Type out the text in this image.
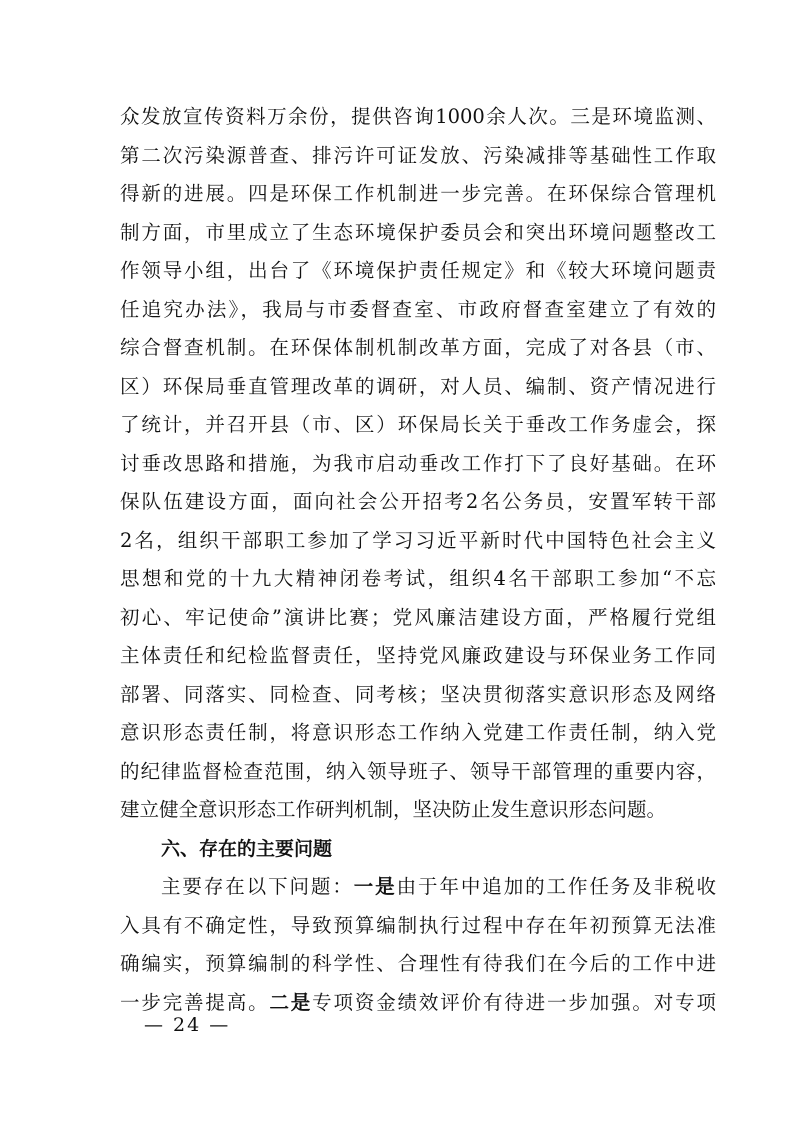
众发放宣传资料万余份，提供咨询1000余人次。三是环境监测、
第二次污染源普查、排污许可证发放、污染减排等基础性工作取
得新的进展。四是环保工作机制进一步完善。在环保综合管理机
制方面，市里成立了生态环境保护委员会和突出环境问题整改工
作领导小组，出台了《环境保护责任规定》和《较大环境问题责
任追究办法》，我局与市委督查室、市政府督查室建立了有效的
综合督查机制。在环保体制机制改革方面，完成了对各县（市、
区）环保局垂直管理改革的调研，对人员、编制、资产情况进行
了统计，并召开县（市、区）环保局长关于垂改工作务虚会，探
讨垂改思路和措施，为我市启动垂改工作打下了良好基础。在环
保队伍建设方面，面向社会公开招考2名公务员，安置军转干部
2名，组织干部职工参加了学习习近平新时代中国特色社会主义
思想和党的十九大精神闭卷考试，组织4名干部职工参加“不忘
初心、牢记使命”演讲比赛；党风廉洁建设方面，严格履行党组
主体责任和纪检监督责任，坚持党风廉政建设与环保业务工作同
部署、同落实、同检查、同考核；坚决贯彻落实意识形态及网络
意识形态责任制，将意识形态工作纳入党建工作责任制，纳入党
的纪律监督检查范围，纳入领导班子、领导干部管理的重要内容，
建立健全意识形态工作研判机制，坚决防止发生意识形态问题。
六、存在的主要问题
主要存在以下问题：一是由于年中追加的工作任务及非税收
入具有不确定性，导致预算编制执行过程中存在年初预算无法准
确编实，预算编制的科学性、合理性有待我们在今后的工作中进
一步完善提高。二是专项资金绩效评价有待进一步加强。对专项
— 24 —
